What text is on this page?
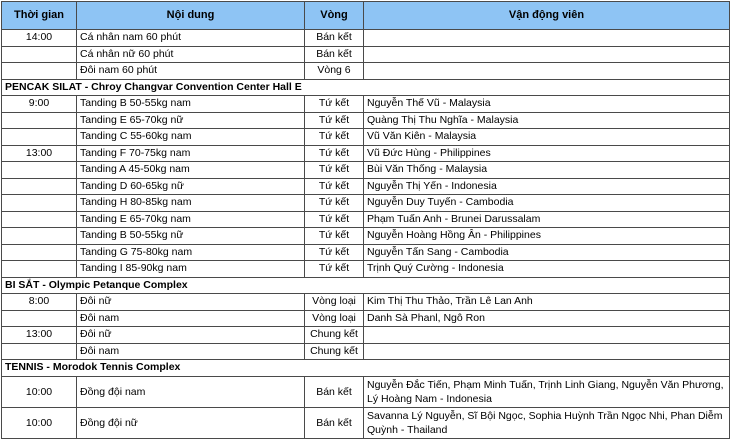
Thời gian	Nội dung	Vòng	Vận động viên
14:00	Cá nhân nam 60 phút	Bán kết	
	Cá nhân nữ 60 phút	Bán kết	
	Đôi nam 60 phút	Vòng 6	
PENCAK SILAT - Chroy Changvar Convention Center Hall E			
9:00	Tanding B 50-55kg nam	Tứ kết	Nguyễn Thế Vũ - Malaysia
	Tanding E 65-70kg nữ	Tứ kết	Quàng Thị Thu Nghĩa - Malaysia
	Tanding C 55-60kg nam	Tứ kết	Vũ Văn Kiên - Malaysia
13:00	Tanding F 70-75kg nam	Tứ kết	Vũ Đức Hùng - Philippines
	Tanding A 45-50kg nam	Tứ kết	Bùi Văn Thống - Malaysia
	Tanding D 60-65kg nữ	Tứ kết	Nguyễn Thị Yến - Indonesia
	Tanding H 80-85kg nam	Tứ kết	Nguyễn Duy Tuyến - Cambodia
	Tanding E 65-70kg nam	Tứ kết	Phạm Tuấn Anh - Brunei Darussalam
	Tanding B 50-55kg nữ	Tứ kết	Nguyễn Hoàng Hồng Ân - Philippines
	Tanding G 75-80kg nam	Tứ kết	Nguyễn Tấn Sang - Cambodia
	Tanding I 85-90kg nam	Tứ kết	Trịnh Quý Cường - Indonesia
BI SẮT - Olympic Petanque Complex			
8:00	Đôi nữ	Vòng loại	Kim Thị Thu Thảo, Trần Lê Lan Anh
	Đôi nam	Vòng loại	Danh Sà Phanl, Ngô Ron
13:00	Đôi nữ	Chung kết	
	Đôi nam	Chung kết	
TENNIS - Morodok Tennis Complex			
10:00	Đồng đội nam	Bán kết	Nguyễn Đắc Tiến, Phạm Minh Tuấn, Trịnh Linh Giang, Nguyễn Văn Phương, Lý Hoàng Nam - Indonesia
10:00	Đồng đội nữ	Bán kết	Savanna Lý Nguyễn, Sĩ Bội Ngọc, Sophia Huỳnh Trần Ngọc Nhi, Phan Diễm Quỳnh - Thailand
